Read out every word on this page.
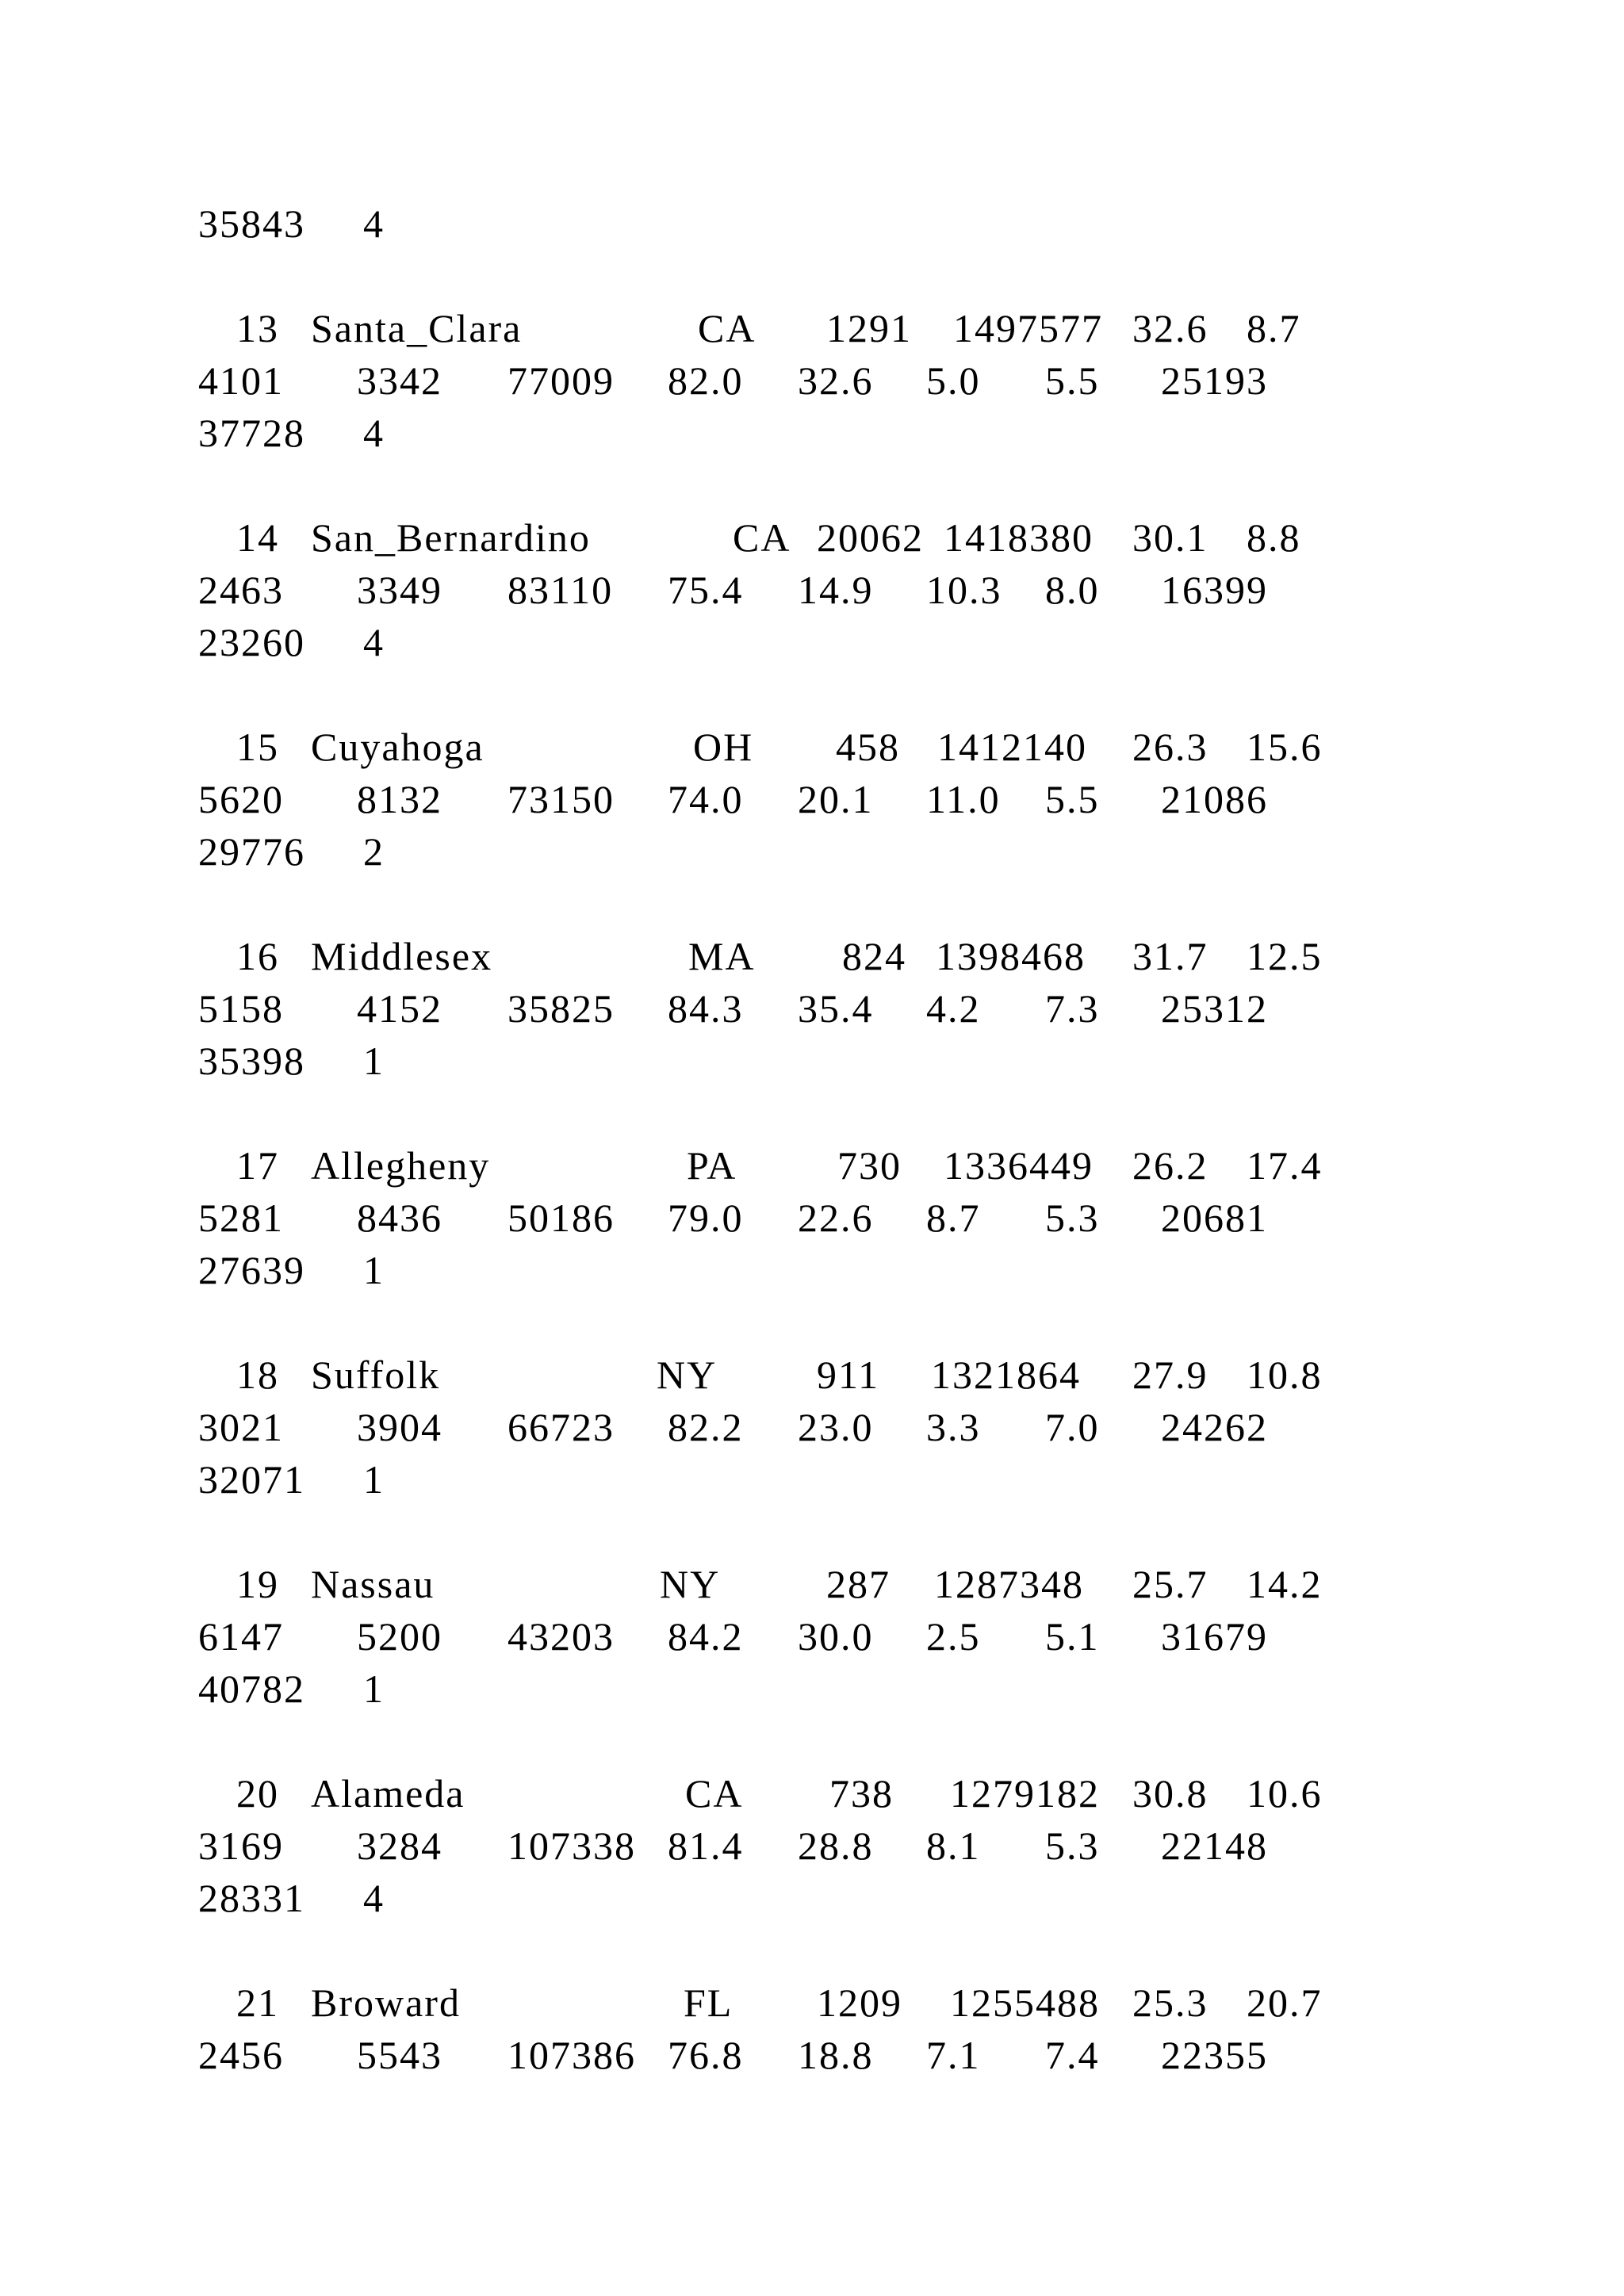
35843 4
13 Santa_Clara	CA 1291 1497577 32.6 8.7
4101 3342 77009 82.0 32.6 5.0 5.5 25193
37728 4
14 San_Bernardino	CA 20062 1418380 30.1 8.8
2463 3349 83110 75.4 14.9 10.3 8.0 16399
23260 4
15 Cuyahoga	OH 458 1412140 26.3 15.6
5620 8132 73150 74.0 20.1 11.0 5.5 21086
29776 2
16 Middlesex	MA 824 1398468 31.7 12.5
5158 4152 35825 84.3 35.4 4.2 7.3 25312
35398 1
17 Allegheny	PA	730 1336449 26.2 17.4
5281 8436 50186 79.0 22.6 8.7 5.3 20681
27639 1
18 Suffolk	NY	911 1321864 27.9 10.8
3021 3904 66723 82.2 23.0 3.3 7.0 24262
32071 1
19 Nassau	NY	287 1287348 25.7 14.2
6147 5200 43203 84.2 30.0 2.5 5.1 31679
40782 1
20 Alameda	CA 738 1279182 30.8 10.6
3169 3284 107338 81.4 28.8 8.1 5.3 22148
28331 4
21 Broward	FL 1209 1255488 25.3 20.7
2456 5543 107386 76.8 18.8 7.1 7.4 22355
